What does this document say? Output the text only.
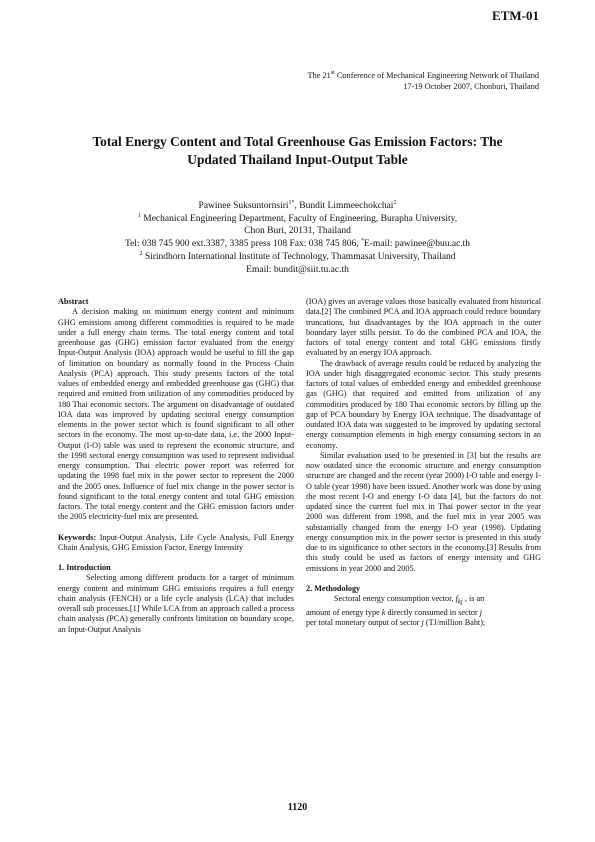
ETM-01
The 21st Conference of Mechanical Engineering Network of Thailand
17-19 October 2007, Chonburi, Thailand
Total Energy Content and Total Greenhouse Gas Emission Factors: The
Updated Thailand Input-Output Table
Pawinee Suksuntornsiri$^{1*}$, Bundit Limmeechokchai$^2$
$^1$ Mechanical Engineering Department, Faculty of Engineering, Burapha University,
Chon Buri, 20131, Thailand
Tel: 038 745 900 ext.3387, 3385 press 108 Fax: 038 745 806, *E-mail: pawinee@buu.ac.th
$^2$ Sirindhorn International Institute of Technology, Thammasat University, Thailand
Email: bundit@siit.tu.ac.th

Abstract

A decision making on minimum energy content and minimum GHG emissions among different commodities is required to be made under a full energy chain terms. The total energy content and total greenhouse gas (GHG) emission factor evaluated from the energy Input-Output Analysis (IOA) approach would be useful to fill the gap of limitation on boundary as normally found in the Process Chain Analysis (PCA) approach. This study presents factors of the total values of embedded energy and embedded greenhouse gas (GHG) that required and emitted from utilization of any commodities produced by 180 Thai economic sectors. The argument on disadvantage of outdated IOA data was improved by updating sectoral energy consumption elements in the power sector which is found significant to all other sectors in the economy. The most up-to-date data, i.e. the 2000 Input-Output (I-O) table was used to represent the economic structure, and the 1998 sectoral energy consumption was used to represent individual energy consumption. Thai electric power report was referred for updating the 1998 fuel mix in the power sector to represent the 2000 and the 2005 ones. Influence of fuel mix change in the power sector is found significant to the total energy content and total GHG emission factors. The total energy content and the GHG emission factors under the 2005 electricity-fuel mix are presented.

Keywords: Input-Output Analysis, Life Cycle Analysis, Full Energy Chain Analysis, GHG Emission Factor, Energy Intensity

1. Introduction

Selecting among different products for a target of minimum energy content and minimum GHG emissions requires a full energy chain analysis (FENCH) or a life cycle analysis (LCA) that includes overall sub processes.[1] While LCA from an approach called a process chain analysis (PCA) generally confronts limitation on boundary scope, an Input-Output Analysis

(IOA) gives an average values those basically evaluated from historical data.[2] The combined PCA and IOA approach could reduce boundary truncations, but disadvantages by the IOA approach in the outer boundary layer stills persist. To do the combined PCA and IOA, the factors of total energy content and total GHG emissions firstly evaluated by an energy IOA approach.

The drawback of average results could be reduced by analyzing the IOA under high disaggregated economic sector. This study presents factors of total values of embedded energy and embedded greenhouse gas (GHG) that required and emitted from utilization of any commodities produced by 180 Thai economic sectors by filling up the gap of PCA boundary by Energy IOA technique. The disadvantage of outdated IOA data was suggested to be improved by updating sectoral energy consumption elements in high energy consuming sectors in an economy.

Similar evaluation used to be presented in [3] but the results are now outdated since the economic structure and energy consumption structure are changed and the recent (year 2000) I-O table and energy I-O table (year 1998) have been issued. Another work was done by using the most recent I-O and energy I-O data [4], but the factors do not updated since the current fuel mix in Thai power sector in the year 2000 was different from 1998, and the fuel mix in year 2005 was substantially changed from the energy I-O year (1998). Updating energy consumption mix in the power sector is presented in this study due to its significance to other sectors in the economy.[3] Results from this study could be used as factors of energy intensity and GHG emissions in year 2000 and 2005.

2. Methodology

Sectoral energy consumption vector, $f_{kj}$ , is an

amount of energy type k directly consumed in sector j

per total monetary output of sector j (TJ/million Baht);

1120
